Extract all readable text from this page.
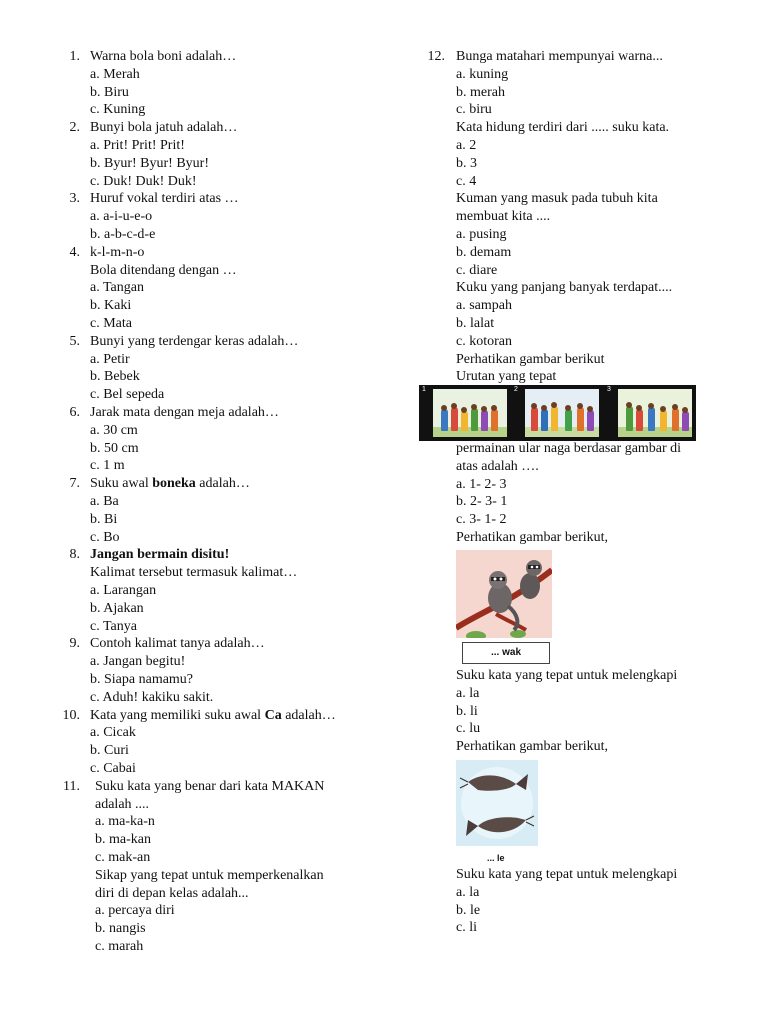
1. Warna bola boni adalah…
a. Merah
b. Biru
c. Kuning
2. Bunyi bola jatuh adalah…
a. Prit! Prit! Prit!
b. Byur! Byur! Byur!
c. Duk! Duk! Duk!
3. Huruf vokal terdiri atas …
a. a-i-u-e-o
b. a-b-c-d-e
4. k-l-m-n-o
Bola ditendang dengan …
a. Tangan
b. Kaki
c. Mata
5. Bunyi yang terdengar keras adalah…
a. Petir
b. Bebek
c. Bel sepeda
6. Jarak mata dengan meja adalah…
a. 30 cm
b. 50 cm
c. 1 m
7. Suku awal boneka adalah…
a. Ba
b. Bi
c. Bo
8. Jangan bermain disitu!
Kalimat tersebut termasuk kalimat…
a. Larangan
b. Ajakan
c. Tanya
9. Contoh kalimat tanya adalah…
a. Jangan begitu!
b. Siapa namamu?
c. Aduh! kakiku sakit.
10. Kata yang memiliki suku awal Ca adalah…
a. Cicak
b. Curi
c. Cabai
11. Suku kata yang benar dari kata MAKAN
adalah ....
a. ma-ka-n
b. ma-kan
c. mak-an
Sikap yang tepat untuk memperkenalkan
diri di depan kelas adalah...
a. percaya diri
b. nangis
c. marah
12. Bunga matahari mempunyai warna...
a. kuning
b. merah
c. biru
Kata hidung terdiri dari ..... suku kata.
a. 2
b. 3
c. 4
Kuman yang masuk pada tubuh kita
membuat kita ....
a. pusing
b. demam
c. diare
Kuku yang panjang banyak terdapat....
a. sampah
b. lalat
c. kotoran
Perhatikan gambar berikut
Urutan yang tepat
permainan ular naga berdasar gambar di
atas adalah ….
a. 1- 2- 3
b. 2- 3- 1
c. 3- 1- 2
Perhatikan gambar berikut,
Suku kata yang tepat untuk melengkapi
a. la
b. li
c. lu
Perhatikan gambar berikut,
Suku kata yang tepat untuk melengkapi
a. la
b. le
c. li
1	2	3
... wak
... le
